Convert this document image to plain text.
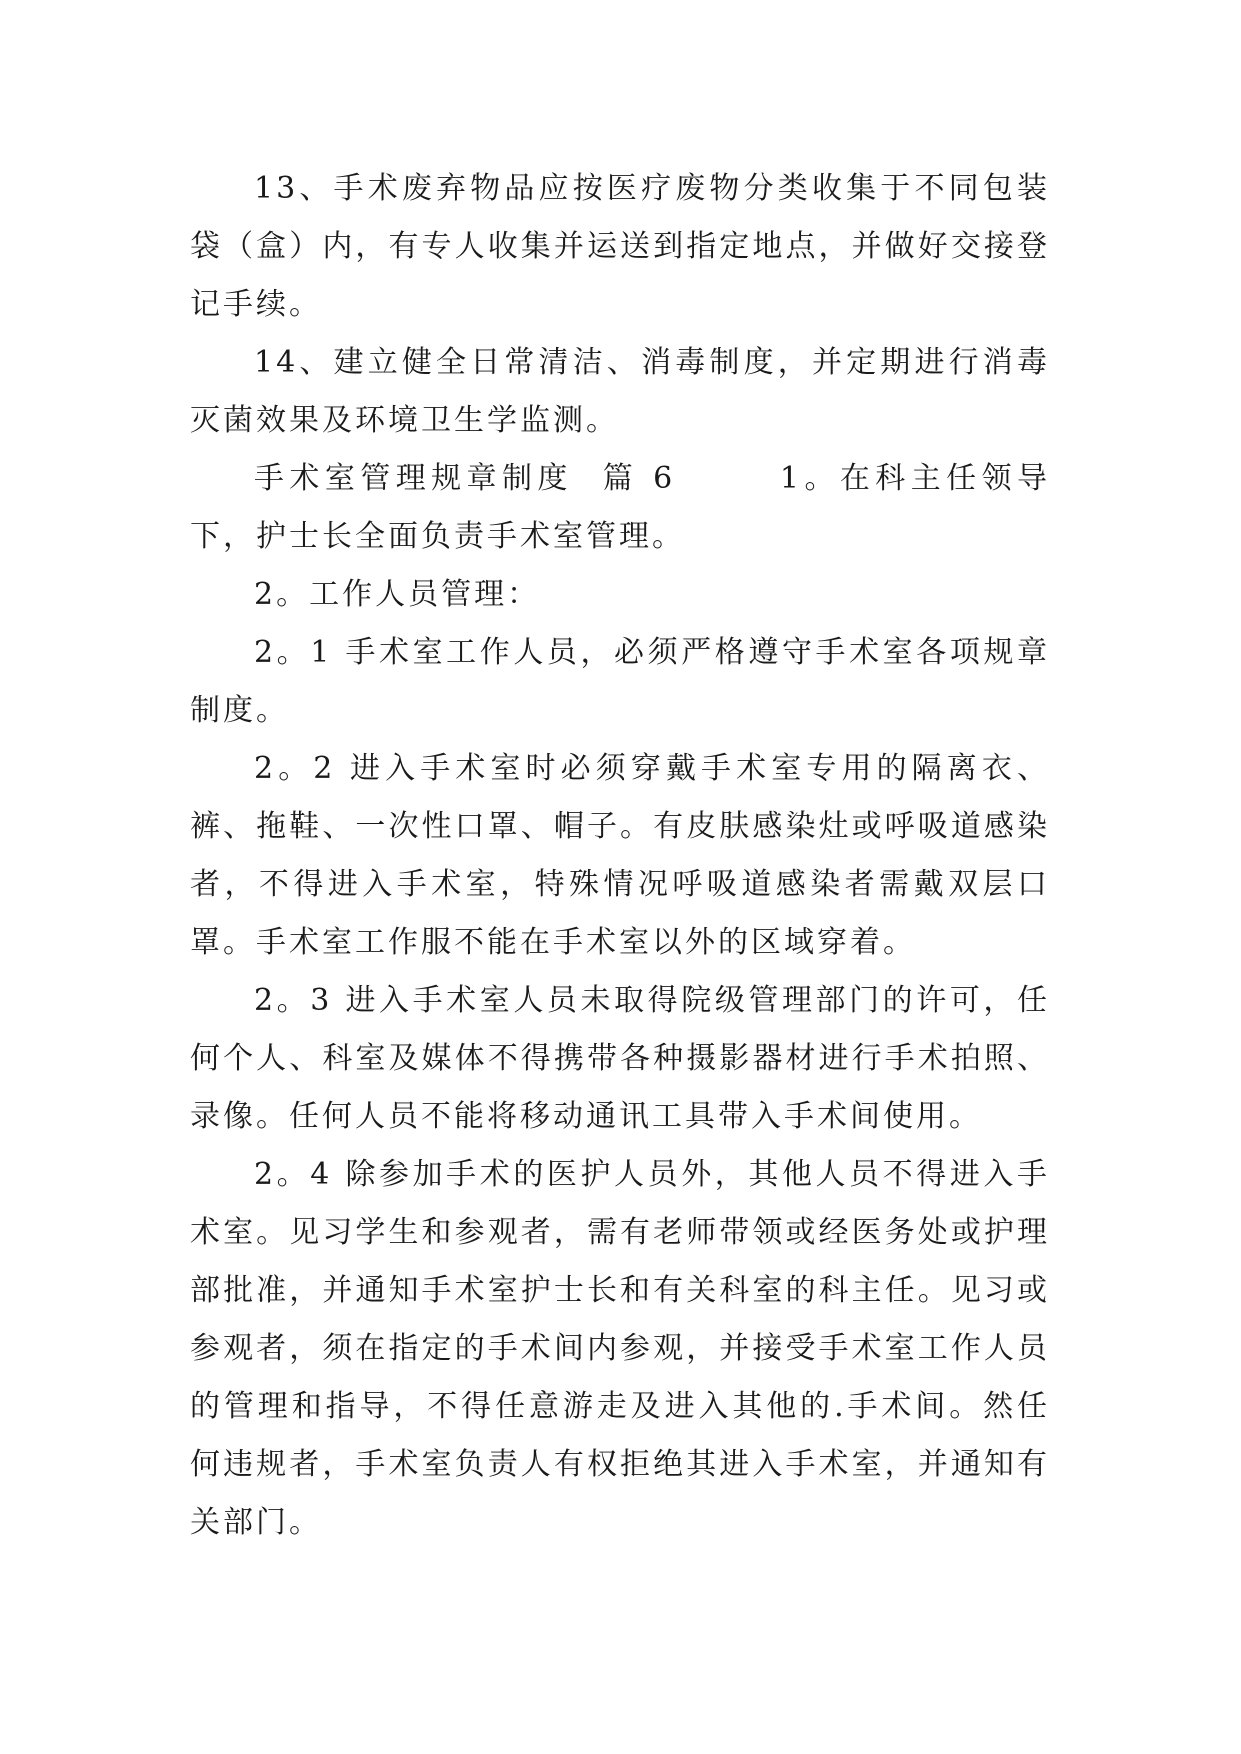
13、手术废弃物品应按医疗废物分类收集于不同包装袋（盒）内，有专人收集并运送到指定地点，并做好交接登记手续。

14、建立健全日常清洁、消毒制度，并定期进行消毒灭菌效果及环境卫生学监测。

手术室管理规章制度  篇 6       1。在科主任领导下，护士长全面负责手术室管理。

2。工作人员管理：

2。1 手术室工作人员，必须严格遵守手术室各项规章制度。

2。2 进入手术室时必须穿戴手术室专用的隔离衣、裤、拖鞋、一次性口罩、帽子。有皮肤感染灶或呼吸道感染者，不得进入手术室，特殊情况呼吸道感染者需戴双层口罩。手术室工作服不能在手术室以外的区域穿着。

2。3 进入手术室人员未取得院级管理部门的许可，任何个人、科室及媒体不得携带各种摄影器材进行手术拍照、录像。任何人员不能将移动通讯工具带入手术间使用。

2。4 除参加手术的医护人员外，其他人员不得进入手术室。见习学生和参观者，需有老师带领或经医务处或护理部批准，并通知手术室护士长和有关科室的科主任。见习或参观者，须在指定的手术间内参观，并接受手术室工作人员的管理和指导，不得任意游走及进入其他的.手术间。然任何违规者，手术室负责人有权拒绝其进入手术室，并通知有关部门。
